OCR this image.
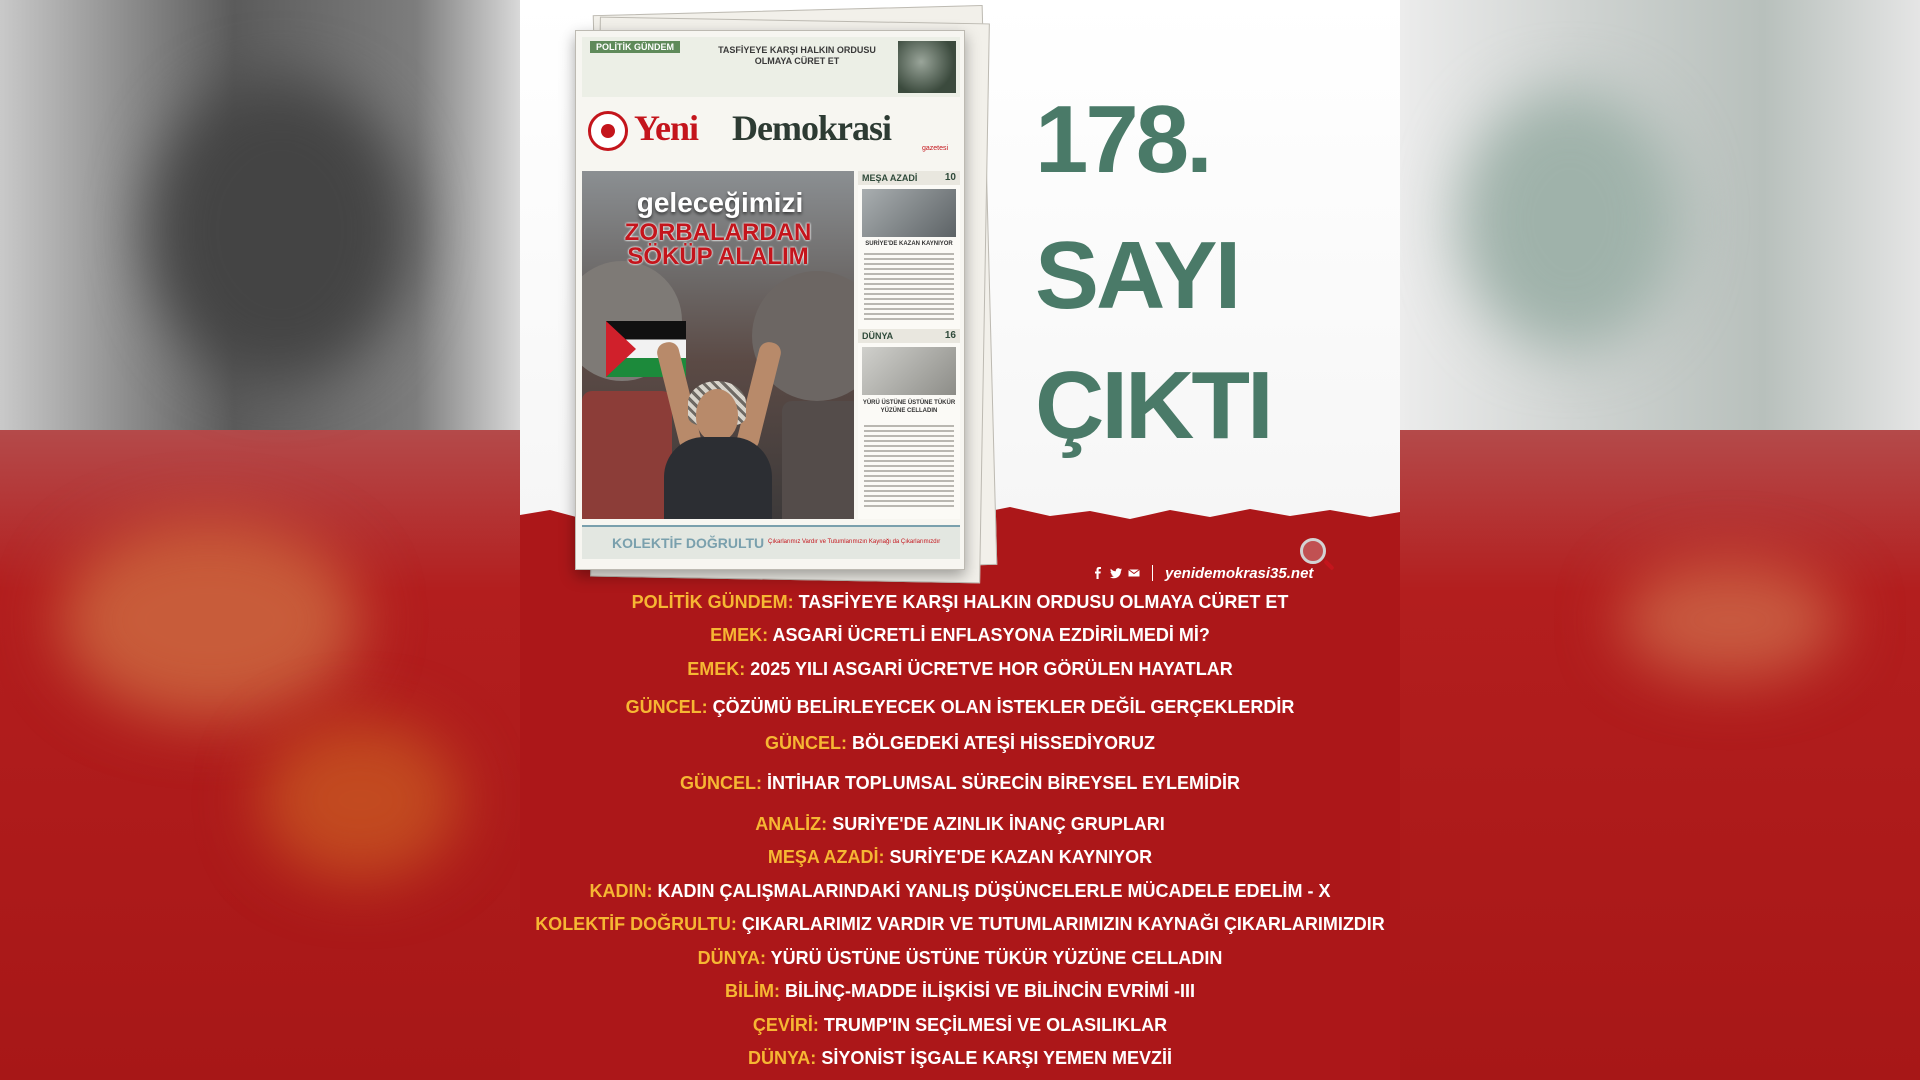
POLİTİK GÜNDEM	TASFİYEYE KARŞI HALKIN ORDUSU OLMAYA CÜRET ET
Yeni Demokrasi
gazetesi
geleceğimizi
ZORBALARDAN
SÖKÜP ALALIM
MEŞA AZADİ	10
SURİYE'DE KAZAN KAYNIYOR
DÜNYA	16
YÜRÜ ÜSTÜNE ÜSTÜNE TÜKÜR YÜZÜNE CELLADIN
KOLEKTİF DOĞRULTU Çıkarlarımız Vardır ve Tutumlarımızın Kaynağı da Çıkarlarımızdır
178.
SAYI
ÇIKTI
yenidemokrasi35.net
POLİTİK GÜNDEM: TASFİYEYE KARŞI HALKIN ORDUSU OLMAYA CÜRET ET
EMEK: ASGARİ ÜCRETLİ ENFLASYONA EZDİRİLMEDİ Mİ?
EMEK: 2025 YILI ASGARİ ÜCRETVE HOR GÖRÜLEN HAYATLAR
GÜNCEL: ÇÖZÜMÜ BELİRLEYECEK OLAN İSTEKLER DEĞİL GERÇEKLERDİR
GÜNCEL: BÖLGEDEKİ ATEŞİ HİSSEDİYORUZ
GÜNCEL: İNTİHAR TOPLUMSAL SÜRECİN BİREYSEL EYLEMİDİR
ANALİZ: SURİYE'DE AZINLIK İNANÇ GRUPLARI
MEŞA AZADİ: SURİYE'DE KAZAN KAYNIYOR
KADIN: KADIN ÇALIŞMALARINDAKİ YANLIŞ DÜŞÜNCELERLE MÜCADELE EDELİM - X
KOLEKTİF DOĞRULTU: ÇIKARLARIMIZ VARDIR VE TUTUMLARIMIZIN KAYNAĞI ÇIKARLARIMIZDIR
DÜNYA: YÜRÜ ÜSTÜNE ÜSTÜNE TÜKÜR YÜZÜNE CELLADIN
BİLİM: BİLİNÇ-MADDE İLİŞKİSİ VE BİLİNCİN EVRİMİ -III
ÇEVİRİ: TRUMP'IN SEÇİLMESİ VE OLASILIKLAR
DÜNYA: SİYONİST İŞGALE KARŞI YEMEN MEVZİİ
